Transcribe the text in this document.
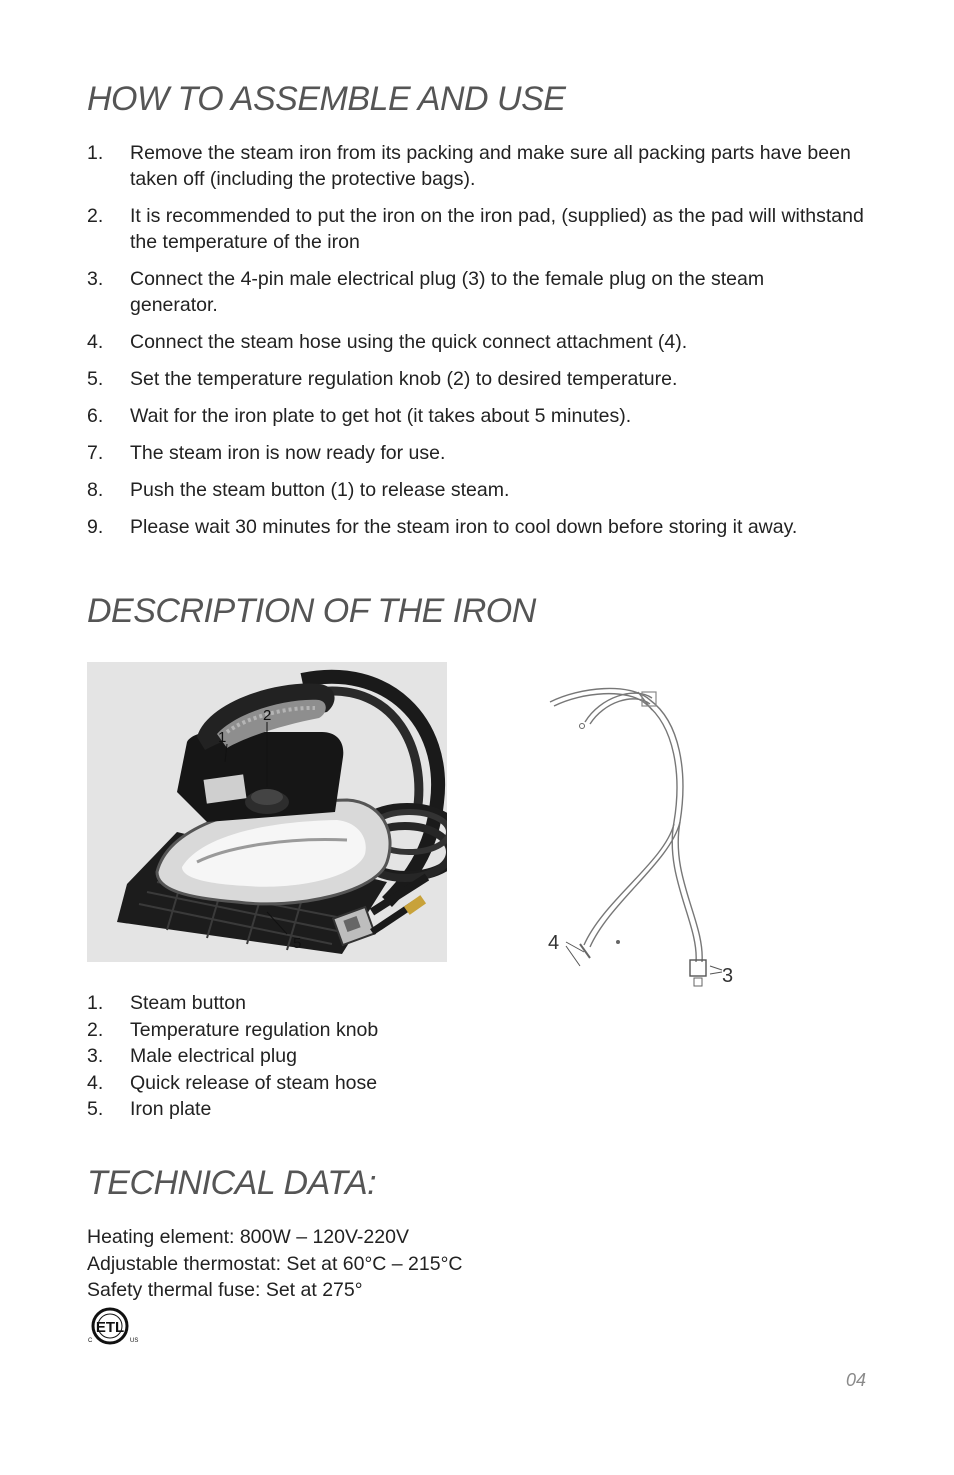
HOW TO ASSEMBLE AND USE
1.	Remove the steam iron from its packing and make sure all packing parts have been taken off (including the protective bags).
2.	It is recommended to put the iron on the iron pad, (supplied) as the pad will withstand the temperature of the iron
3.	Connect the 4-pin male electrical plug (3) to the female plug on the steam generator.
4.	Connect the steam hose using the quick connect attachment (4).
5.	Set the temperature regulation knob (2) to desired temperature.
6.	Wait for the iron plate to get hot (it takes about 5 minutes).
7.	The steam iron is now ready for use.
8.	Push the steam button (1) to release steam.
9.	Please wait 30 minutes for the steam iron to cool down before storing it away.
DESCRIPTION OF THE IRON
1
2
5	4
3
1.	Steam button
2.	Temperature regulation knob
3.	Male electrical plug
4.	Quick release of steam hose
5.	Iron plate
TECHNICAL DATA:
Heating element: 800W – 120V-220V
Adjustable thermostat: Set at 60°C – 215°C
Safety thermal fuse: Set at 275°
ETL
C	US
04
